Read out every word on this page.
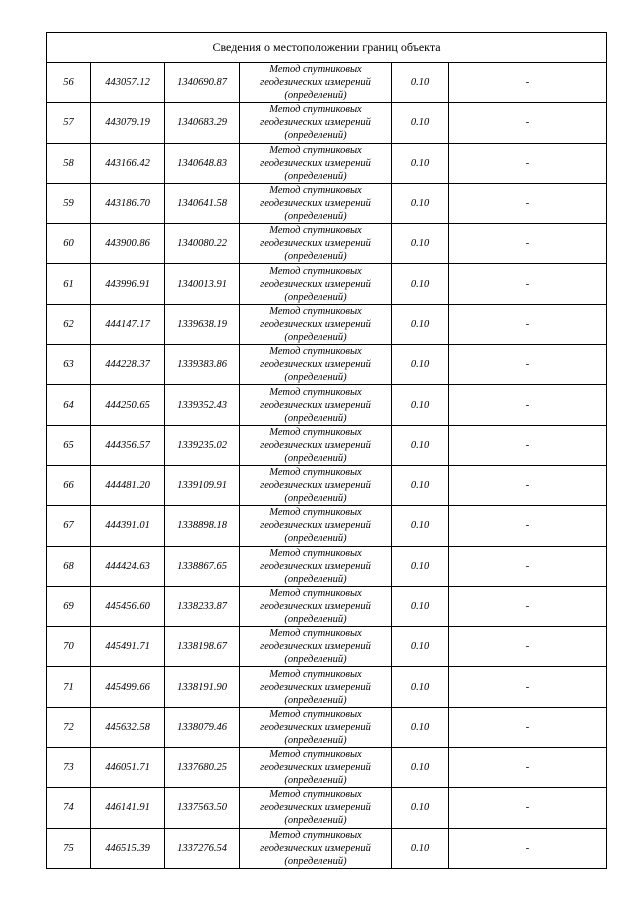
Сведения о местоположении границ объекта					
56	443057.12	1340690.87	Метод спутниковых
геодезических измерений
(определений)	0.10	-
57	443079.19	1340683.29	Метод спутниковых
геодезических измерений
(определений)	0.10	-
58	443166.42	1340648.83	Метод спутниковых
геодезических измерений
(определений)	0.10	-
59	443186.70	1340641.58	Метод спутниковых
геодезических измерений
(определений)	0.10	-
60	443900.86	1340080.22	Метод спутниковых
геодезических измерений
(определений)	0.10	-
61	443996.91	1340013.91	Метод спутниковых
геодезических измерений
(определений)	0.10	-
62	444147.17	1339638.19	Метод спутниковых
геодезических измерений
(определений)	0.10	-
63	444228.37	1339383.86	Метод спутниковых
геодезических измерений
(определений)	0.10	-
64	444250.65	1339352.43	Метод спутниковых
геодезических измерений
(определений)	0.10	-
65	444356.57	1339235.02	Метод спутниковых
геодезических измерений
(определений)	0.10	-
66	444481.20	1339109.91	Метод спутниковых
геодезических измерений
(определений)	0.10	-
67	444391.01	1338898.18	Метод спутниковых
геодезических измерений
(определений)	0.10	-
68	444424.63	1338867.65	Метод спутниковых
геодезических измерений
(определений)	0.10	-
69	445456.60	1338233.87	Метод спутниковых
геодезических измерений
(определений)	0.10	-
70	445491.71	1338198.67	Метод спутниковых
геодезических измерений
(определений)	0.10	-
71	445499.66	1338191.90	Метод спутниковых
геодезических измерений
(определений)	0.10	-
72	445632.58	1338079.46	Метод спутниковых
геодезических измерений
(определений)	0.10	-
73	446051.71	1337680.25	Метод спутниковых
геодезических измерений
(определений)	0.10	-
74	446141.91	1337563.50	Метод спутниковых
геодезических измерений
(определений)	0.10	-
75	446515.39	1337276.54	Метод спутниковых
геодезических измерений
(определений)	0.10	-
